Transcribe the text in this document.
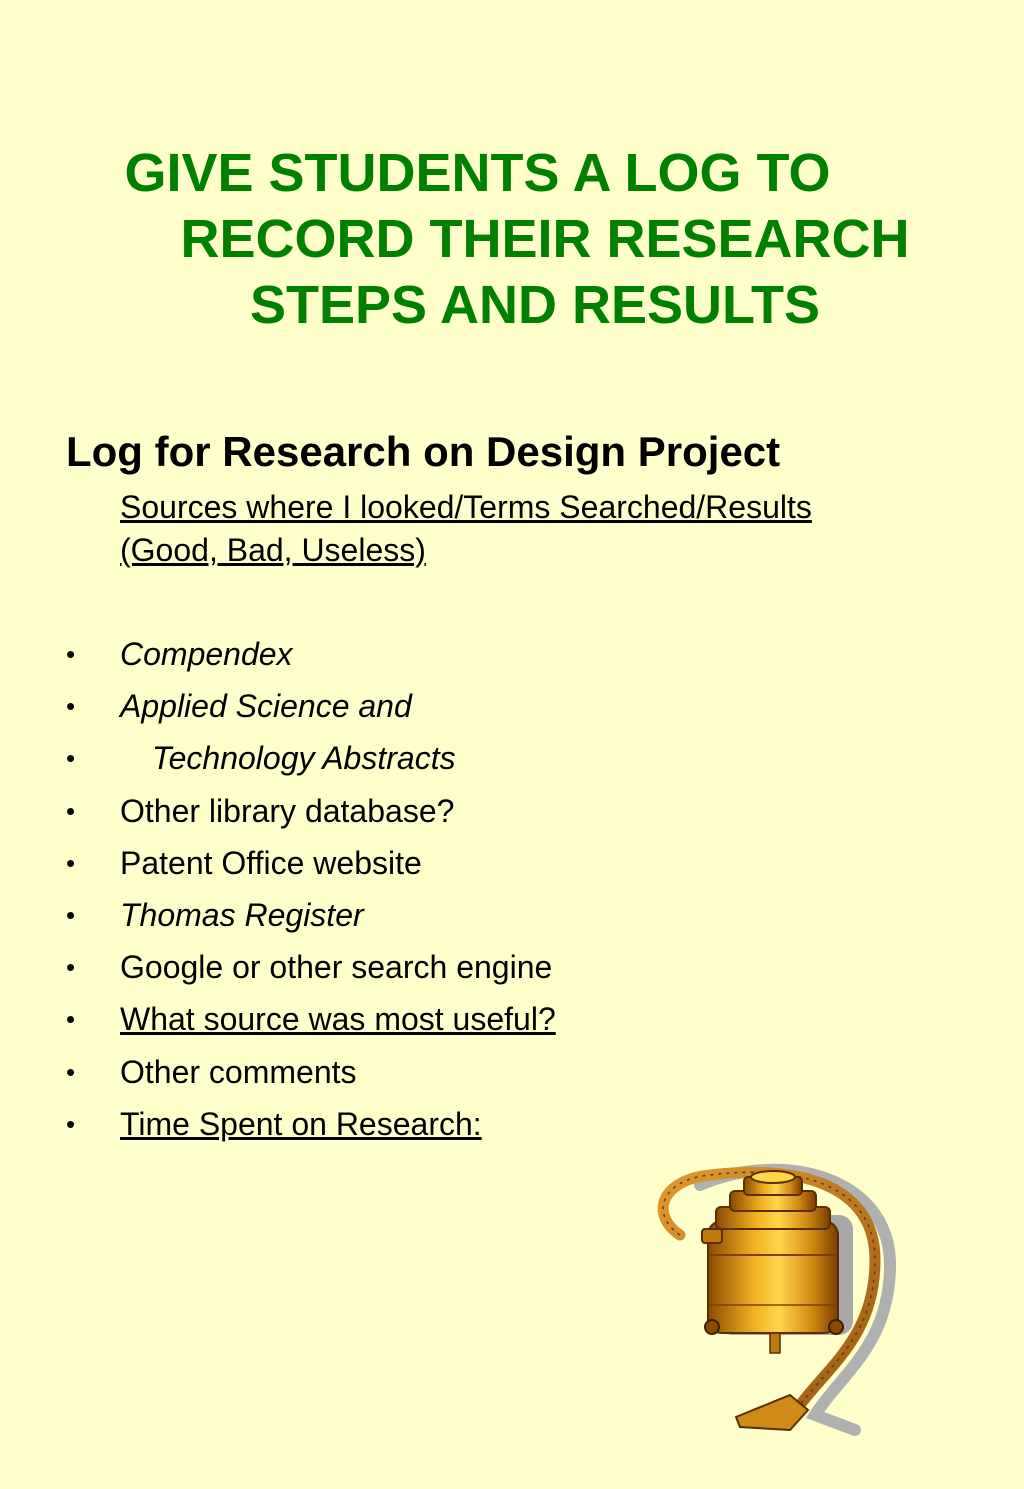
GIVE STUDENTS A LOG TO
RECORD THEIR RESEARCH
STEPS AND RESULTS
Log for Research on Design Project
Sources where I looked/Terms Searched/Results
(Good, Bad, Useless)
• Compendex
• Applied Science and
• Technology Abstracts
• Other library database?
• Patent Office website
• Thomas Register
• Google or other search engine
• What source was most useful?
• Other comments
• Time Spent on Research:
